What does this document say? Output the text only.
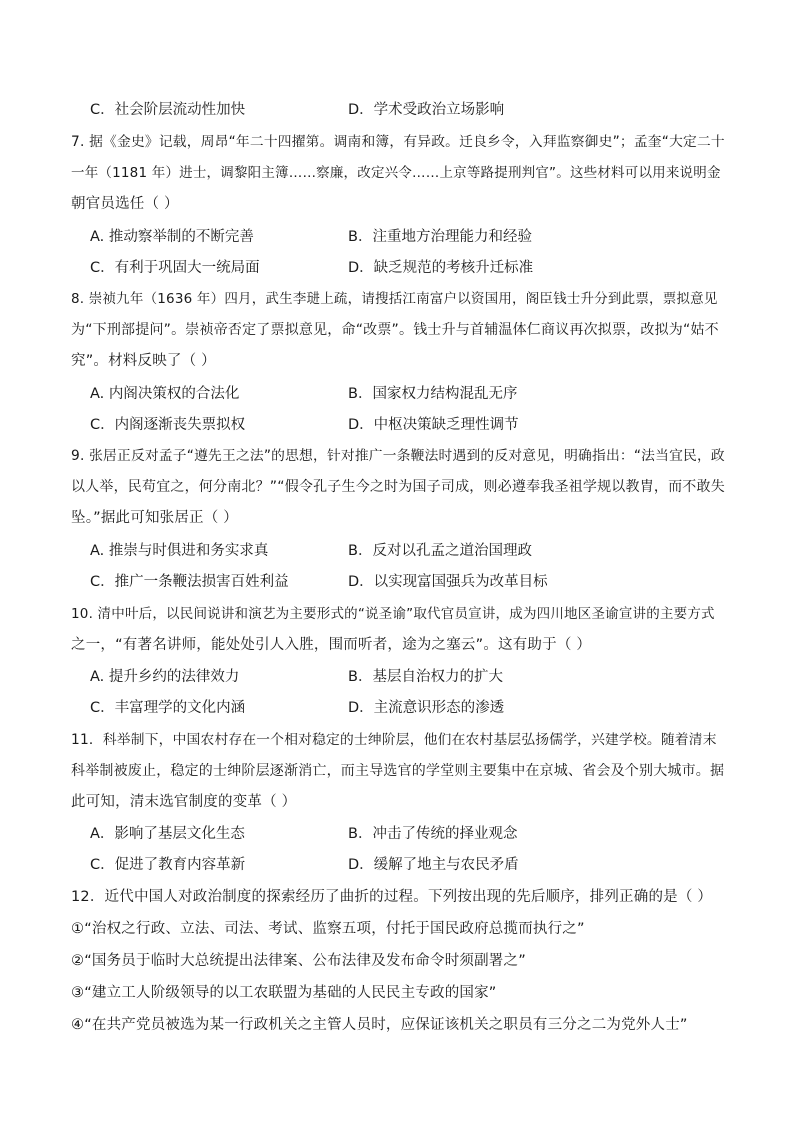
C．社会阶层流动性加快	D．学术受政治立场影响
7. 据《金史》记载，周昂“年二十四擢第。调南和簿，有异政。迁良乡令，入拜监察御史”；孟奎“大定二十
一年（1181 年）进士，调黎阳主簿……察廉，改定兴令……上京等路提刑判官”。这些材料可以用来说明金
朝官员选任（ ）
A. 推动察举制的不断完善	B．注重地方治理能力和经验
C．有利于巩固大一统局面	D．缺乏规范的考核升迁标准
8. 崇祯九年（1636 年）四月，武生李琎上疏，请搜括江南富户以资国用，阁臣钱士升分到此票，票拟意见
为“下刑部提问”。崇祯帝否定了票拟意见，命“改票”。钱士升与首辅温体仁商议再次拟票，改拟为“姑不
究”。材料反映了（ ）
A. 内阁决策权的合法化	B．国家权力结构混乱无序
C．内阁逐渐丧失票拟权	D．中枢决策缺乏理性调节
9. 张居正反对孟子“遵先王之法”的思想，针对推广一条鞭法时遇到的反对意见，明确指出：“法当宜民，政
以人举，民苟宜之，何分南北？”“假令孔子生今之时为国子司成，则必遵奉我圣祖学规以教胄，而不敢失
坠。”据此可知张居正（ ）
A. 推崇与时俱进和务实求真	B．反对以孔孟之道治国理政
C．推广一条鞭法损害百姓利益	D．以实现富国强兵为改革目标
10. 清中叶后，以民间说讲和演艺为主要形式的“说圣谕”取代官员宣讲，成为四川地区圣谕宣讲的主要方式
之一，“有著名讲师，能处处引人入胜，围而听者，途为之塞云”。这有助于（ ）
A. 提升乡约的法律效力	B．基层自治权力的扩大
C．丰富理学的文化内涵	D．主流意识形态的渗透
11．科举制下，中国农村存在一个相对稳定的士绅阶层，他们在农村基层弘扬儒学，兴建学校。随着清末
科举制被废止，稳定的士绅阶层逐渐消亡，而主导选官的学堂则主要集中在京城、省会及个别大城市。据
此可知，清末选官制度的变革（ ）
A．影响了基层文化生态	B．冲击了传统的择业观念
C．促进了教育内容革新	D．缓解了地主与农民矛盾
12．近代中国人对政治制度的探索经历了曲折的过程。下列按出现的先后顺序，排列正确的是（ ）
①“治权之行政、立法、司法、考试、监察五项，付托于国民政府总揽而执行之”
②“国务员于临时大总统提出法律案、公布法律及发布命令时须副署之”
③“建立工人阶级领导的以工农联盟为基础的人民民主专政的国家”
④“在共产党员被选为某一行政机关之主管人员时，应保证该机关之职员有三分之二为党外人士”
